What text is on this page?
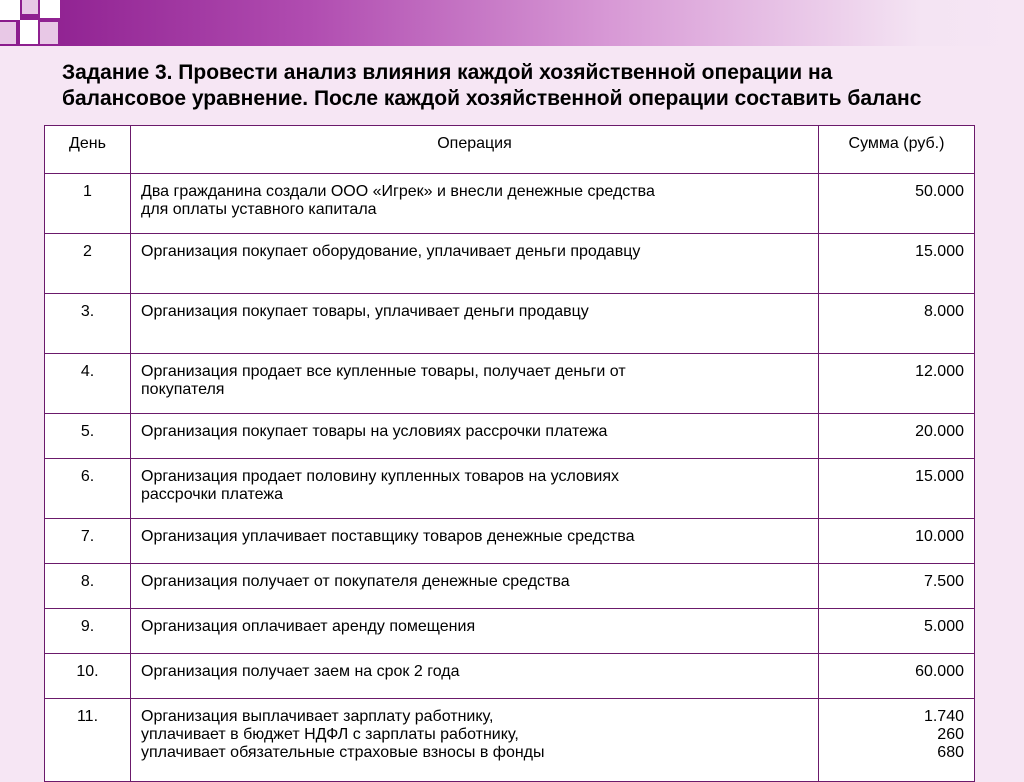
Задание 3. Провести анализ влияния каждой хозяйственной операции на
балансовое уравнение. После каждой хозяйственной операции составить баланс
День	Операция	Сумма (руб.)
1	Два гражданина создали ООО «Игрек» и внесли денежные средства
для оплаты уставного капитала	50.000

2	Организация покупает оборудование, уплачивает деньги продавцу	15.000

3.	Организация покупает товары, уплачивает деньги продавцу	8.000

4.	Организация продает все купленные товары, получает деньги от
покупателя	12.000

5.	Организация покупает товары на условиях рассрочки платежа	20.000

6.	Организация продает половину купленных товаров на условиях
рассрочки платежа	15.000

7.	Организация уплачивает поставщику товаров денежные средства	10.000

8.	Организация получает от покупателя денежные средства	7.500

9.	Организация оплачивает аренду помещения	5.000

10.	Организация получает заем на срок 2 года	60.000

11.	Организация выплачивает зарплату работнику,
уплачивает в бюджет НДФЛ с зарплаты работнику,
уплачивает обязательные страховые взносы в фонды	1.740
260
680
